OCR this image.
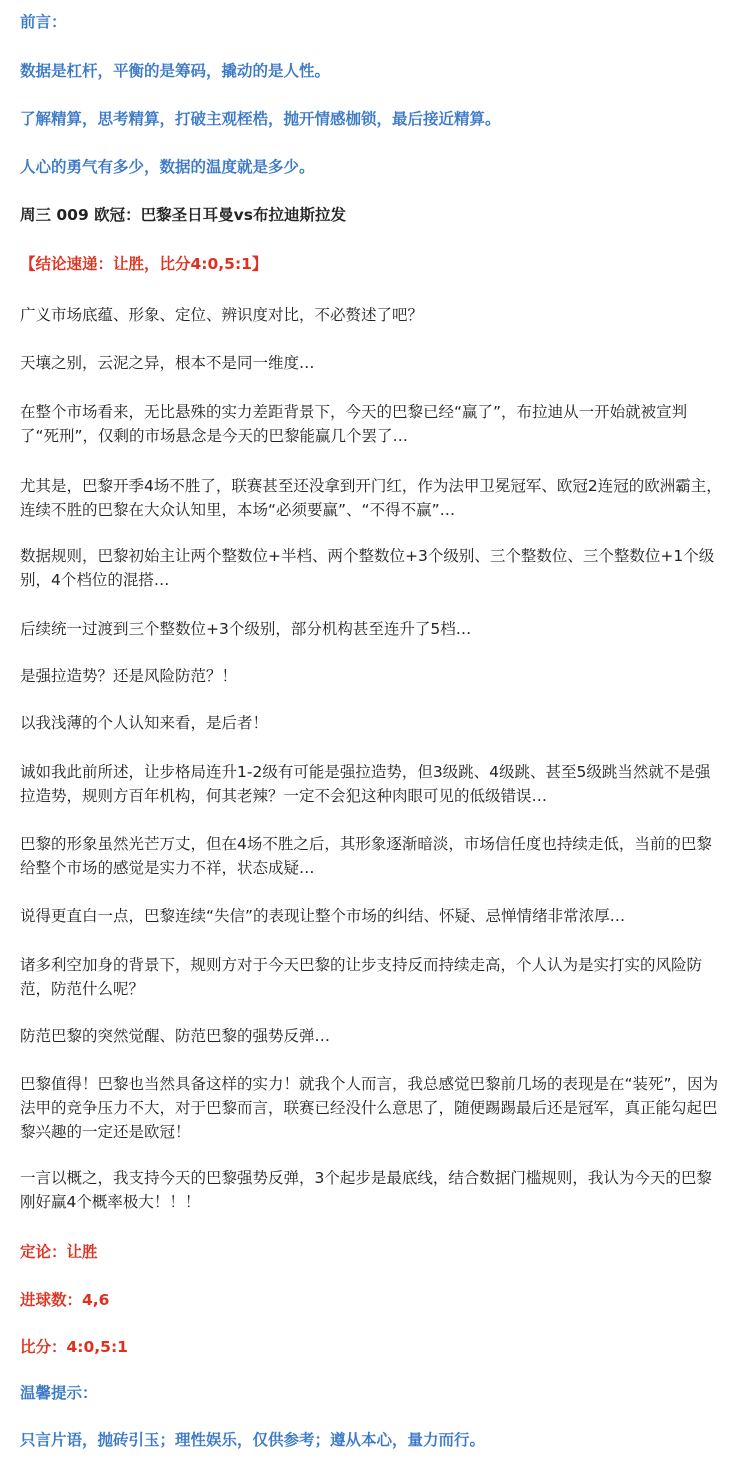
前言：

数据是杠杆，平衡的是筹码，撬动的是人性。

了解精算，思考精算，打破主观桎梏，抛开情感枷锁，最后接近精算。

人心的勇气有多少，数据的温度就是多少。

周三 009 欧冠：巴黎圣日耳曼vs布拉迪斯拉发

【结论速递：让胜，比分4:0,5:1】

广义市场底蕴、形象、定位、辨识度对比，不必赘述了吧？

天壤之别，云泥之异，根本不是同一维度…

在整个市场看来，无比悬殊的实力差距背景下，今天的巴黎已经“赢了”，布拉迪从一开始就被宣判了“死刑”，仅剩的市场悬念是今天的巴黎能赢几个罢了…

尤其是，巴黎开季4场不胜了，联赛甚至还没拿到开门红，作为法甲卫冕冠军、欧冠2连冠的欧洲霸主，连续不胜的巴黎在大众认知里，本场“必须要赢”、“不得不赢”…

数据规则，巴黎初始主让两个整数位+半档、两个整数位+3个级别、三个整数位、三个整数位+1个级别，4个档位的混搭…

后续统一过渡到三个整数位+3个级别，部分机构甚至连升了5档…

是强拉造势？还是风险防范？！

以我浅薄的个人认知来看，是后者！

诚如我此前所述，让步格局连升1-2级有可能是强拉造势，但3级跳、4级跳、甚至5级跳当然就不是强拉造势，规则方百年机构，何其老辣？一定不会犯这种肉眼可见的低级错误…

巴黎的形象虽然光芒万丈，但在4场不胜之后，其形象逐渐暗淡，市场信任度也持续走低，当前的巴黎给整个市场的感觉是实力不祥，状态成疑…

说得更直白一点，巴黎连续“失信”的表现让整个市场的纠结、怀疑、忌惮情绪非常浓厚…

诸多利空加身的背景下，规则方对于今天巴黎的让步支持反而持续走高，个人认为是实打实的风险防范，防范什么呢？

防范巴黎的突然觉醒、防范巴黎的强势反弹…

巴黎值得！巴黎也当然具备这样的实力！就我个人而言，我总感觉巴黎前几场的表现是在“装死”，因为法甲的竞争压力不大，对于巴黎而言，联赛已经没什么意思了，随便踢踢最后还是冠军，真正能勾起巴黎兴趣的一定还是欧冠！

一言以概之，我支持今天的巴黎强势反弹，3个起步是最底线，结合数据门槛规则，我认为今天的巴黎刚好赢4个概率极大！！！

定论：让胜

进球数：4,6

比分：4:0,5:1

温馨提示：

只言片语，抛砖引玉；理性娱乐，仅供参考；遵从本心，量力而行。
